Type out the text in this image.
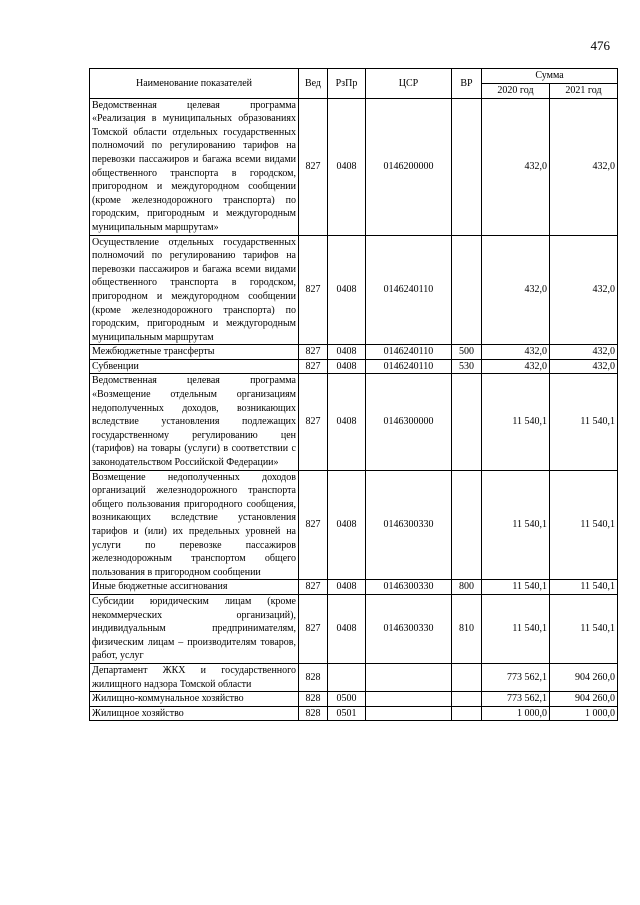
476
Наименование показателей	Вед	РзПр	ЦСР	ВР	Сумма	
					2020 год	2021 год
Ведомственная целевая программа «Реализация в муниципальных образованиях Томской области отдельных государственных полномочий по регулированию тарифов на перевозки пассажиров и багажа всеми видами общественного транспорта в городском, пригородном и междугородном сообщении (кроме железнодорожного транспорта) по городским, пригородным и междугородным муниципальным маршрутам»	827	0408	0146200000		432,0	432,0
Осуществление отдельных государственных полномочий по регулированию тарифов на перевозки пассажиров и багажа всеми видами общественного транспорта в городском, пригородном и междугородном сообщении (кроме железнодорожного транспорта) по городским, пригородным и междугородным муниципальным маршрутам	827	0408	0146240110		432,0	432,0
Межбюджетные трансферты	827	0408	0146240110	500	432,0	432,0
Субвенции	827	0408	0146240110	530	432,0	432,0
Ведомственная целевая программа «Возмещение отдельным организациям недополученных доходов, возникающих вследствие установления подлежащих государственному регулированию цен (тарифов) на товары (услуги) в соответствии с законодательством Российской Федерации»	827	0408	0146300000		11 540,1	11 540,1
Возмещение недополученных доходов организаций железнодорожного транспорта общего пользования пригородного сообщения, возникающих вследствие установления тарифов и (или) их предельных уровней на услуги по перевозке пассажиров железнодорожным транспортом общего пользования в пригородном сообщении	827	0408	0146300330		11 540,1	11 540,1
Иные бюджетные ассигнования	827	0408	0146300330	800	11 540,1	11 540,1
Субсидии юридическим лицам (кроме некоммерческих организаций), индивидуальным предпринимателям, физическим лицам – производителям товаров, работ, услуг	827	0408	0146300330	810	11 540,1	11 540,1
Департамент ЖКХ и государственного жилищного надзора Томской области	828				773 562,1	904 260,0
Жилищно-коммунальное хозяйство	828	0500			773 562,1	904 260,0
Жилищное хозяйство	828	0501			1 000,0	1 000,0
